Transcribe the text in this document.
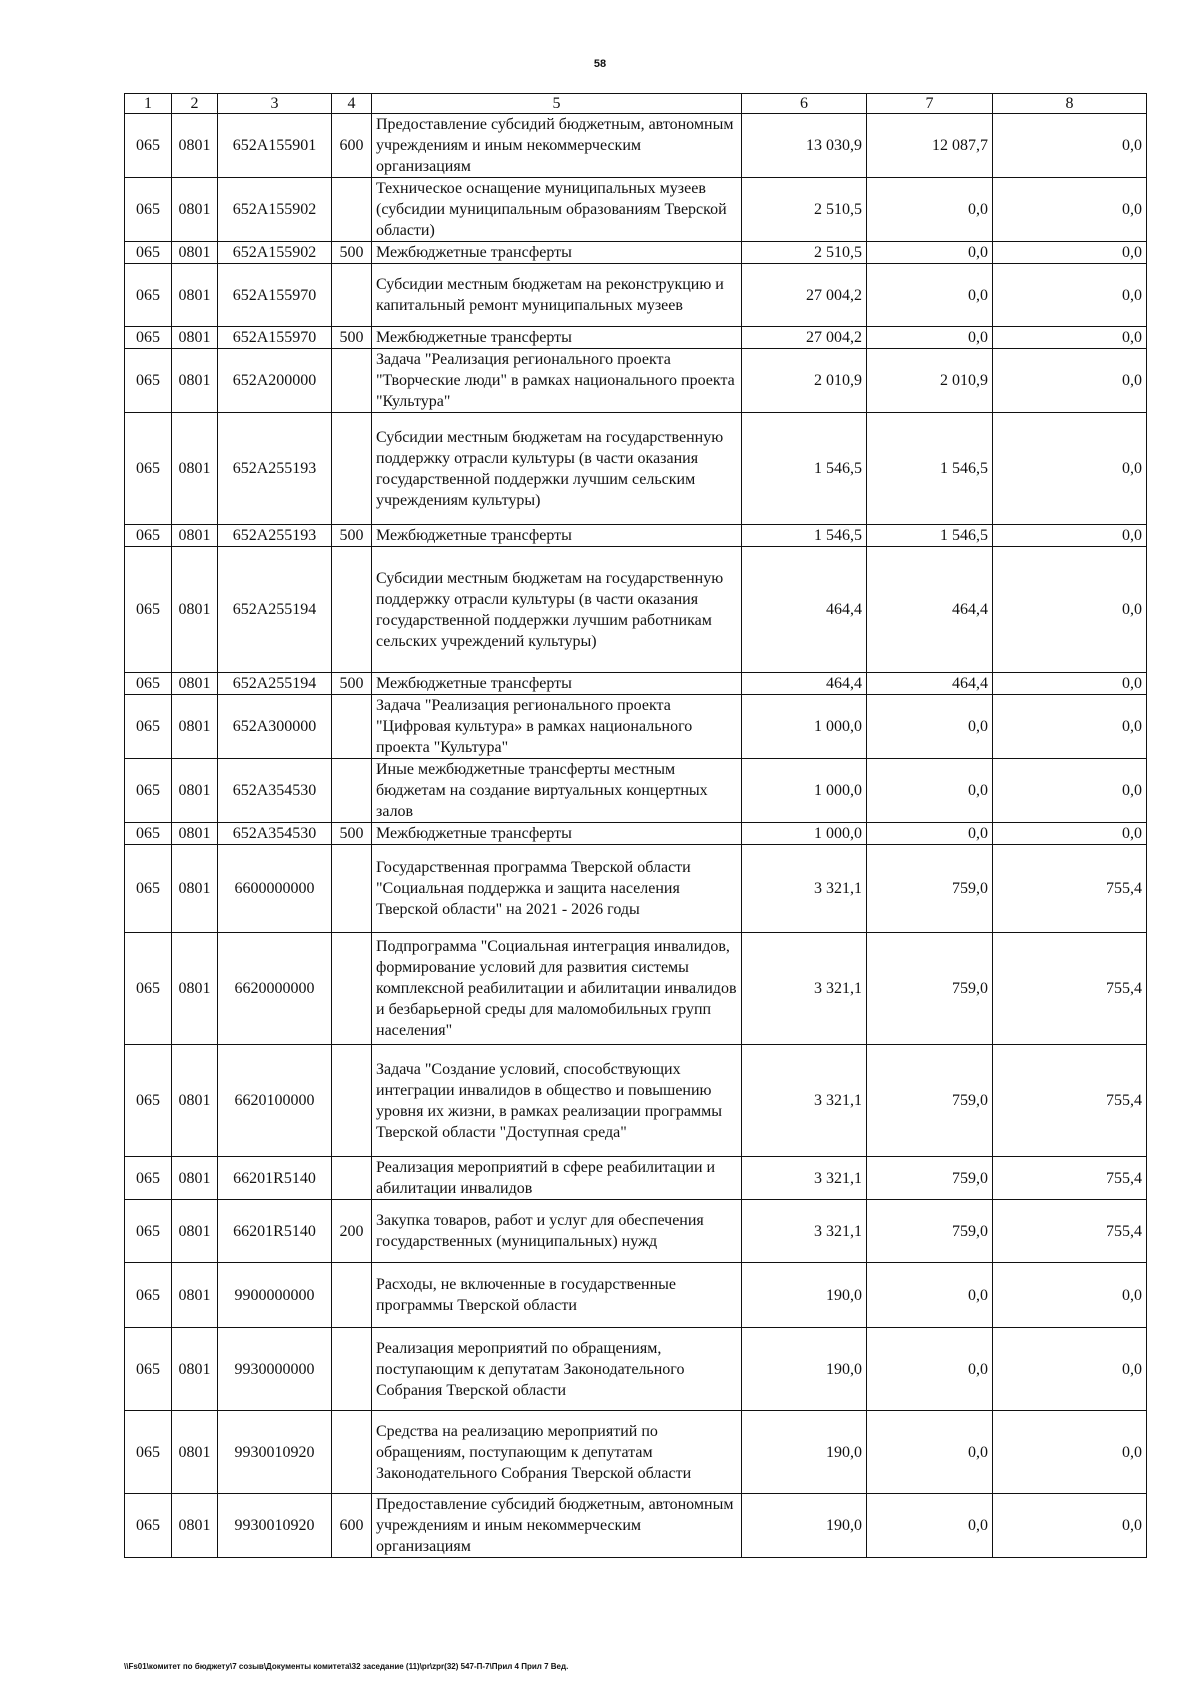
58
1	2	3	4	5	6	7	8
065	0801	652A155901	600	Предоставление субсидий бюджетным, автономным учреждениям и иным некоммерческим организациям	13 030,9	12 087,7	0,0
065	0801	652A155902		Техническое оснащение муниципальных музеев (субсидии муниципальным образованиям Тверской области)	2 510,5	0,0	0,0
065	0801	652A155902	500	Межбюджетные трансферты	2 510,5	0,0	0,0
065	0801	652A155970		Субсидии местным бюджетам на реконструкцию и капитальный ремонт муниципальных музеев	27 004,2	0,0	0,0
065	0801	652A155970	500	Межбюджетные трансферты	27 004,2	0,0	0,0
065	0801	652A200000		Задача "Реализация регионального проекта "Творческие люди" в рамках национального проекта "Культура"	2 010,9	2 010,9	0,0
065	0801	652A255193		Субсидии местным бюджетам на государственную поддержку отрасли культуры (в части оказания государственной поддержки лучшим сельским учреждениям культуры)	1 546,5	1 546,5	0,0
065	0801	652A255193	500	Межбюджетные трансферты	1 546,5	1 546,5	0,0
065	0801	652A255194		Субсидии местным бюджетам на государственную поддержку отрасли культуры (в части оказания государственной поддержки лучшим работникам сельских учреждений культуры)	464,4	464,4	0,0
065	0801	652A255194	500	Межбюджетные трансферты	464,4	464,4	0,0
065	0801	652A300000		Задача "Реализация регионального проекта "Цифровая культура» в рамках национального проекта "Культура"	1 000,0	0,0	0,0
065	0801	652A354530		Иные межбюджетные трансферты местным бюджетам на создание виртуальных концертных залов	1 000,0	0,0	0,0
065	0801	652A354530	500	Межбюджетные трансферты	1 000,0	0,0	0,0
065	0801	6600000000		Государственная программа Тверской области "Социальная поддержка и защита населения Тверской области" на 2021 - 2026 годы	3 321,1	759,0	755,4
065	0801	6620000000		Подпрограмма "Социальная интеграция инвалидов, формирование условий для развития системы комплексной реабилитации и абилитации инвалидов и безбарьерной среды для маломобильных групп населения"	3 321,1	759,0	755,4
065	0801	6620100000		Задача "Создание условий, способствующих интеграции инвалидов в общество и повышению уровня их жизни, в рамках реализации программы Тверской области "Доступная среда"	3 321,1	759,0	755,4
065	0801	66201R5140		Реализация мероприятий в сфере реабилитации и абилитации инвалидов	3 321,1	759,0	755,4
065	0801	66201R5140	200	Закупка товаров, работ и услуг для обеспечения государственных (муниципальных) нужд	3 321,1	759,0	755,4
065	0801	9900000000		Расходы, не включенные в государственные программы Тверской области	190,0	0,0	0,0
065	0801	9930000000		Реализация мероприятий по обращениям, поступающим к депутатам Законодательного Собрания Тверской области	190,0	0,0	0,0
065	0801	9930010920		Средства на реализацию мероприятий по обращениям, поступающим к депутатам Законодательного Собрания Тверской области	190,0	0,0	0,0
065	0801	9930010920	600	Предоставление субсидий бюджетным, автономным учреждениям и иным некоммерческим организациям	190,0	0,0	0,0
\\Fs01\комитет по бюджету\7 созыв\Документы комитета\32 заседание (11)\pr\zpr(32) 547-П-7\Прил 4 Прил 7 Вед.
